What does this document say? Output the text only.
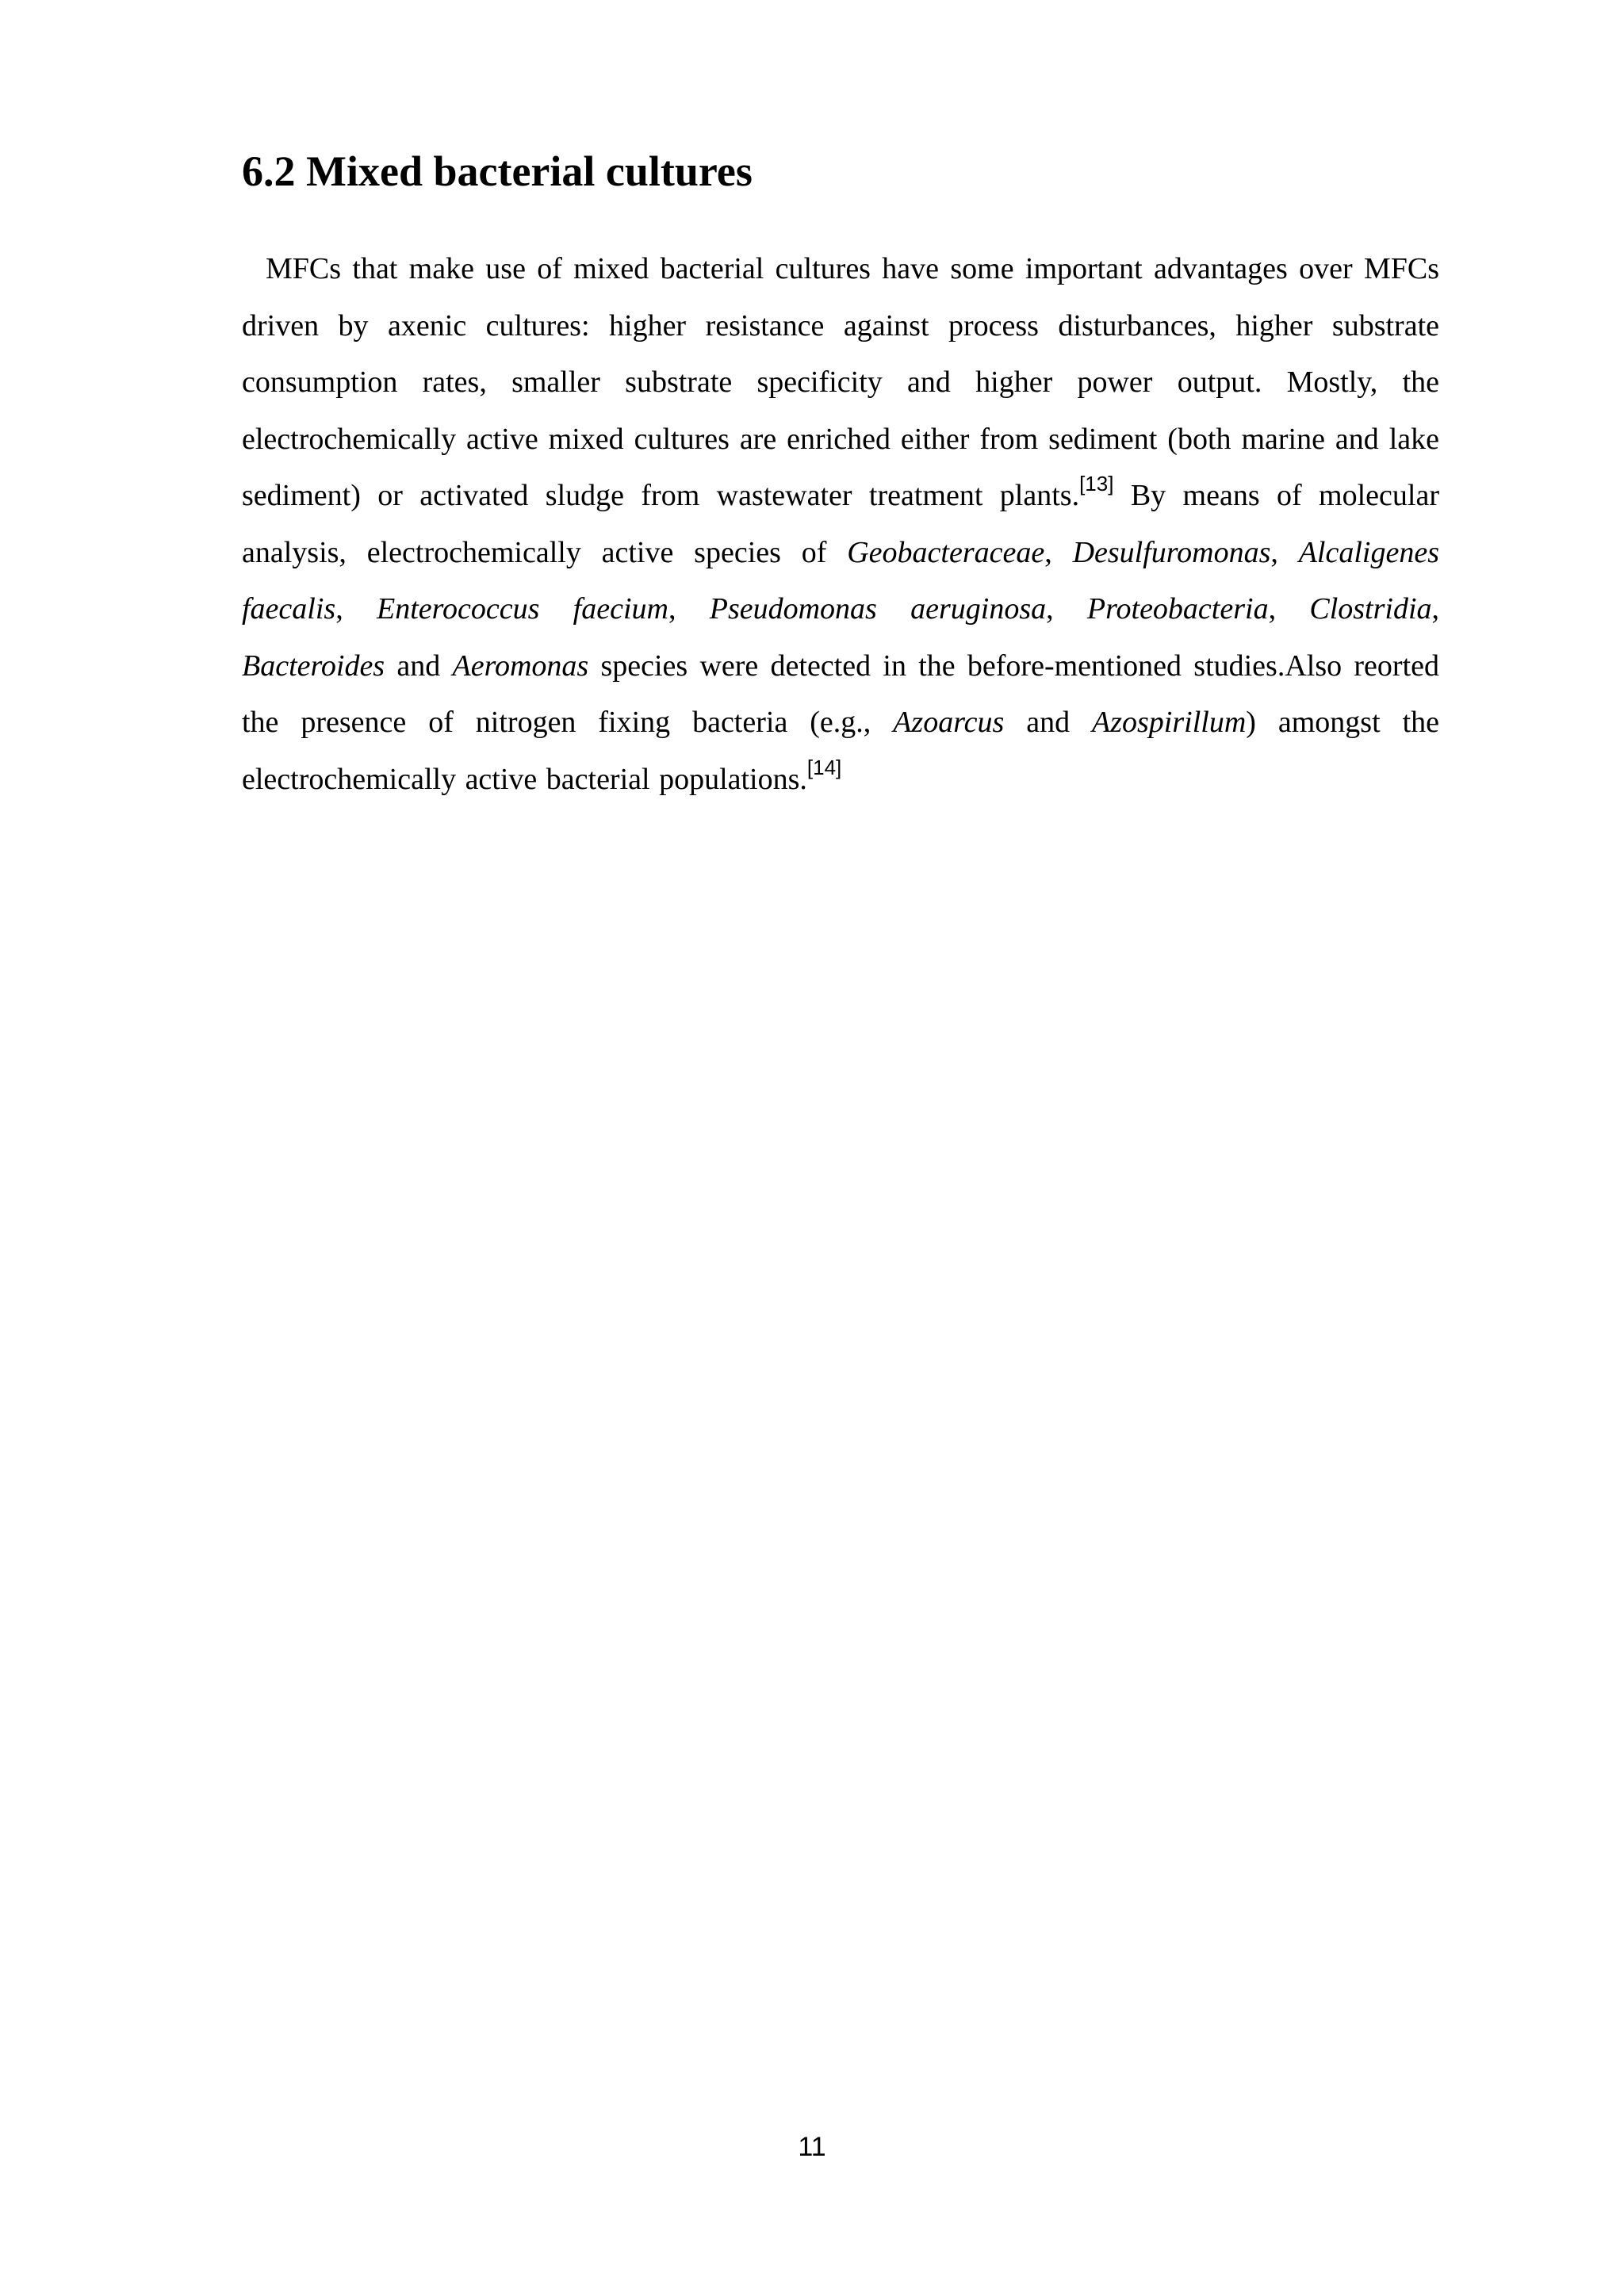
6.2 Mixed bacterial cultures

MFCs that make use of mixed bacterial cultures have some important advantages over MFCs driven by axenic cultures: higher resistance against process disturbances, higher substrate consumption rates, smaller substrate specificity and higher power output. Mostly, the electrochemically active mixed cultures are enriched either from sediment (both marine and lake sediment) or activated sludge from wastewater treatment plants.[13] By means of molecular analysis, electrochemically active species of Geobacteraceae, Desulfuromonas, Alcaligenes faecalis, Enterococcus faecium, Pseudomonas aeruginosa, Proteobacteria, Clostridia, Bacteroides and Aeromonas species were detected in the before-mentioned studies.Also reorted the presence of nitrogen fixing bacteria (e.g., Azoarcus and Azospirillum) amongst the electrochemically active bacterial populations.[14]

11
